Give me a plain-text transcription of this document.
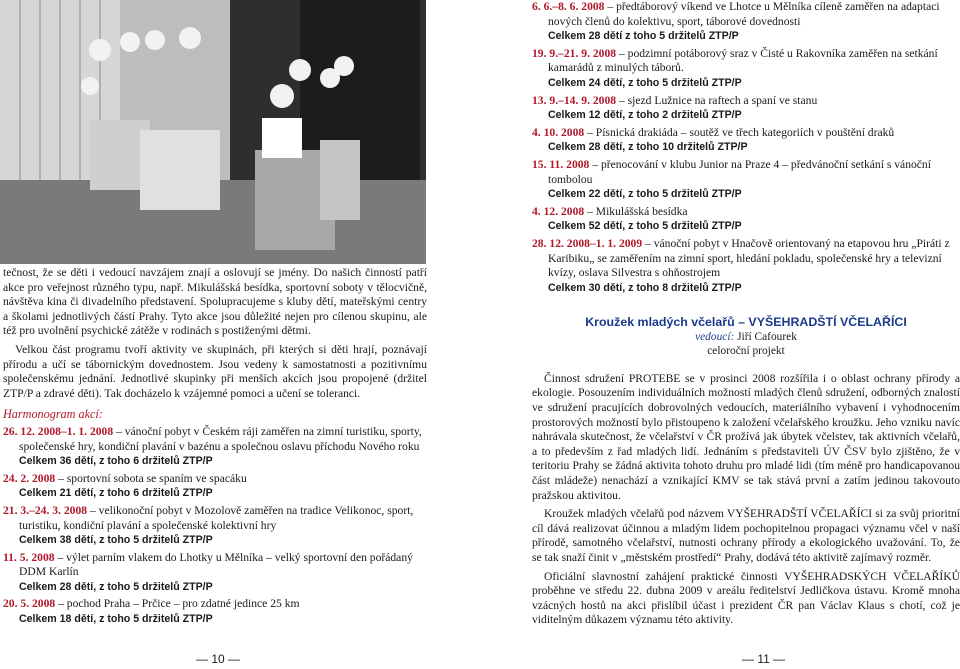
tečnost, že se děti i vedoucí navzájem znají a oslovují se jmény. Do našich činností patří akce pro veřejnost různého typu, např. Mikulášská besídka, sportovní soboty v tělocvičně, návštěva kina či divadelního představení. Spolupracujeme s kluby dětí, mateřskými centry a školami jednotlivých částí Prahy. Tyto akce jsou důležité nejen pro cílenou skupinu, ale též pro uvolnění psychické zátěže v rodinách s postiženými dětmi.

Velkou část programu tvoří aktivity ve skupinách, při kterých si děti hrají, poznávají přírodu a učí se tábornickým dovednostem. Jsou vedeny k samostatnosti a pozitivnímu společenskému jednání. Jednotlivé skupinky při menších akcích jsou propojené (držitel ZTP/P a zdravé děti). Tak docházelo k vzájemné pomoci a učení se toleranci.

Harmonogram akcí:
26. 12. 2008–1. 1. 2008 – vánoční pobyt v Českém ráji zaměřen na zimní turistiku, sporty, společenské hry, kondiční plavání v bazénu a společnou oslavu příchodu Nového roku
Celkem 36 dětí, z toho 6 držitelů ZTP/P
24. 2. 2008 – sportovní sobota se spaním ve spacáku
Celkem 21 dětí, z toho 6 držitelů ZTP/P
21. 3.–24. 3. 2008 – velikonoční pobyt v Mozolově zaměřen na tradice Velikonoc, sport, turistiku, kondiční plavání a společenské kolektivní hry
Celkem 38 dětí, z toho 5 držitelů ZTP/P
11. 5. 2008 – výlet parním vlakem do Lhotky u Mělníka – velký sportovní den pořádaný DDM Karlín
Celkem 28 dětí, z toho 5 držitelů ZTP/P
20. 5. 2008 – pochod Praha – Prčice – pro zdatné jedince 25 km
Celkem 18 dětí, z toho 5 držitelů ZTP/P
— 10 —
6. 6.–8. 6. 2008 – předtáborový víkend ve Lhotce u Mělníka cíleně zaměřen na adaptaci nových členů do kolektivu, sport, táborové dovednosti
Celkem 28 dětí z toho 5 držitelů ZTP/P
19. 9.–21. 9. 2008 – podzimní potáborový sraz v Čisté u Rakovníka zaměřen na setkání kamarádů z minulých táborů.
Celkem 24 dětí, z toho 5 držitelů ZTP/P
13. 9.–14. 9. 2008 – sjezd Lužnice na raftech a spaní ve stanu
Celkem 12 dětí, z toho 2 držitelů ZTP/P
4. 10. 2008 – Písnická drakiáda – soutěž ve třech kategoriích v pouštění draků
Celkem 28 dětí, z toho 10 držitelů ZTP/P
15. 11. 2008 – přenocování v klubu Junior na Praze 4 – předvánoční setkání s vánoční tombolou
Celkem 22 dětí, z toho 5 držitelů ZTP/P
4. 12. 2008 – Mikulášská besídka
Celkem 52 dětí, z toho 5 držitelů ZTP/P
28. 12. 2008–1. 1. 2009 – vánoční pobyt v Hnačově orientovaný na etapovou hru „Piráti z Karibiku„ se zaměřením na zimní sport, hledání pokladu, společenské hry a televizní kvízy, oslava Silvestra s ohňostrojem
Celkem 30 dětí, z toho 8 držitelů ZTP/P
Kroužek mladých včelařů – VYŠEHRADŠTÍ VČELAŘÍCI
vedoucí: Jiří Cafourek
celoroční projekt

Činnost sdružení PROTEBE se v prosinci 2008 rozšířila i o oblast ochrany přírody a ekologie. Posouzením individuálních možností mladých členů sdružení, odborných znalostí ve sdružení pracujících dobrovolných vedoucích, materiálního vybavení i vyhodnocením prostorových možností bylo přistoupeno k založení včelařského kroužku. Jeho vzniku navíc nahrávala skutečnost, že včelařství v ČR prožívá jak úbytek včelstev, tak aktivních včelařů, a to především z řad mladých lidí. Jednáním s představiteli ÚV ČSV bylo zjištěno, že v teritoriu Prahy se žádná aktivita tohoto druhu pro mladé lidi (tím méně pro handicapovanou část mládeže) nenachází a vznikající KMV se tak stává první a zatím jedinou takovouto pražskou aktivitou.

Kroužek mladých včelařů pod názvem VYŠEHRADŠTÍ VČELAŘÍCI si za svůj prioritní cíl dává realizovat účinnou a mladým lidem pochopitelnou propagaci významu včel v naší přírodě, samotného včelařství, nutnosti ochrany přírody a ekologického uvažování. To, že se tak snaží činit v „městském prostředí“ Prahy, dodává této aktivitě zajímavý rozměr.

Oficiální slavnostní zahájení praktické činnosti VYŠEHRADSKÝCH VČELAŘÍKŮ proběhne ve středu 22. dubna 2009 v areálu ředitelství Jedličkova ústavu. Kromě mnoha vzácných hostů na akci přislíbil účast i prezident ČR pan Václav Klaus s chotí, což je viditelným důkazem významu této aktivity.

— 11 —
